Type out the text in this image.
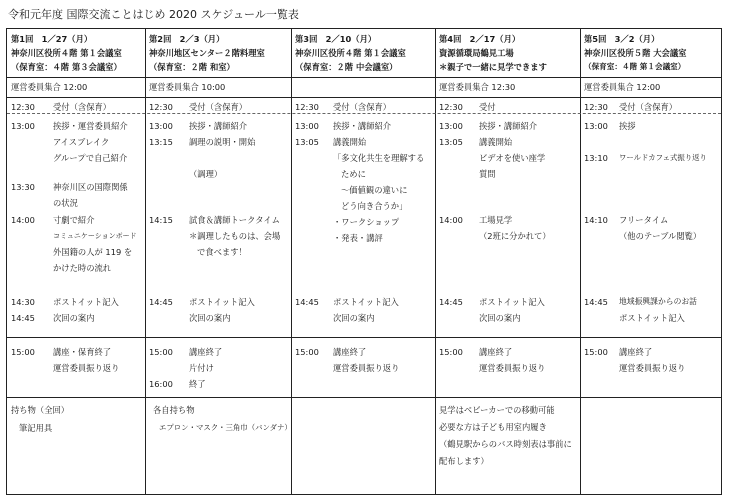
令和元年度 国際交流ことはじめ 2020 スケジュール一覧表
第1回　1／27（月）
神奈川区役所４階 第１会議室
（保育室：４階 第３会議室）
運営委員集合 12:00
12:30 受付（含保育）
13:00 挨拶・運営委員紹介
アイスブレイク
グループで自己紹介
13:30 神奈川区の国際関係
の状況
14:00 寸劇で紹介
コミュニケーションボード
外国籍の人が 119 を
かけた時の流れ
14:30 ポストイット記入
14:45 次回の案内
15:00 講座・保育終了
運営委員振り返り
第2回　2／3（月）
神奈川地区センター２階料理室
（保育室：２階 和室）
運営委員集合 10:00
12:30 受付（含保育）
13:00 挨拶・講師紹介
13:15 調理の説明・開始
（調理）
14:15 試食＆講師トークタイム
＊調理したものは、会場
で食べます！
14:45 ポストイット記入
次回の案内
15:00 講座終了
片付け
16:00 終了
第3回　2／10（月）
神奈川区役所４階 第１会議室
（保育室：２階 中会議室）
12:30 受付（含保育）
13:00 挨拶・講師紹介
13:05 講義開始
「多文化共生を理解する
ために
～価値観の違いに
どう向き合うか」
・ワークショップ
・発表・講評
14:45 ポストイット記入
次回の案内
15:00 講座終了
運営委員振り返り
第4回　2／17（月）
資源循環局鶴見工場
＊親子で一緒に見学できます
運営委員集合 12:30
12:30 受付
13:00 挨拶・講師紹介
13:05 講義開始
ビデオを使い座学
質問
14:00 工場見学
（2班に分かれて）
14:45 ポストイット記入
次回の案内
15:00 講座終了
運営委員振り返り
第5回　3／2（月）
神奈川区役所５階 大会議室
（保育室：４階 第１会議室）
運営委員集合 12:00
12:30 受付（含保育）
13:00 挨拶
13:10 ワールドカフェ式振り返り
14:10 フリータイム
（他のテーブル閲覧）
14:45 地域振興課からのお話
ポストイット記入
15:00 講座終了
運営委員振り返り
持ち物（全回）
筆記用具
各自持ち物
エプロン・マスク・三角巾（バンダナ）
見学はベビーカーでの移動可能
必要な方は子ども用室内履き
（鶴見駅からのバス時刻表は事前に
配布します）
